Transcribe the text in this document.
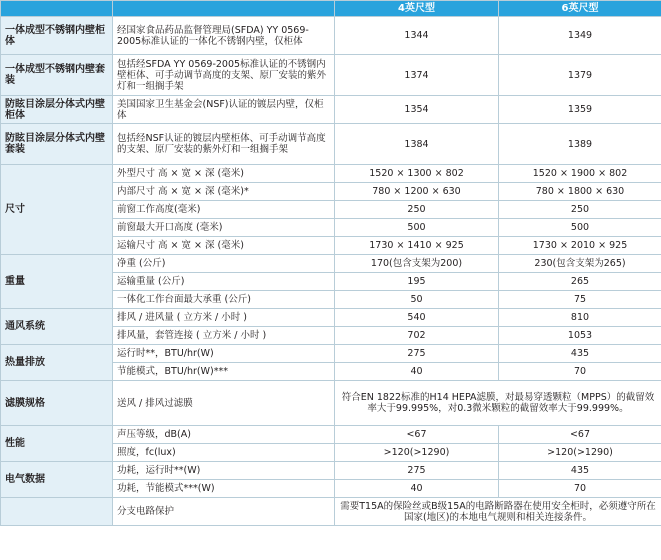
		4英尺型	6英尺型
一体成型不锈钢内壁柜体	经国家食品药品监督管理局(SFDA) YY 0569-2005标准认证的一体化不锈钢内壁，仅柜体	1344	1349
一体成型不锈钢内壁套装	包括经SFDA YY 0569-2005标准认证的不锈钢内壁柜体、可手动调节高度的支架、原厂安装的紫外灯和一组搁手架	1374	1379
防眩目涂层分体式内壁柜体	美国国家卫生基金会(NSF)认证的镀层内壁，仅柜体	1354	1359
防眩目涂层分体式内壁套装	包括经NSF认证的镀层内壁柜体、可手动调节高度的支架、原厂安装的紫外灯和一组搁手架	1384	1389
尺寸	外型尺寸 高 × 宽 × 深 (毫米)	1520 × 1300 × 802	1520 × 1900 × 802
	内部尺寸 高 × 宽 × 深 (毫米)*	780 × 1200 × 630	780 × 1800 × 630
	前窗工作高度(毫米)	250	250
	前窗最大开口高度 (毫米)	500	500
	运输尺寸 高 × 宽 × 深 (毫米)	1730 × 1410 × 925	1730 × 2010 × 925
重量	净重 (公斤)	170(包含支架为200)	230(包含支架为265)
	运输重量 (公斤)	195	265
	一体化工作台面最大承重 (公斤)	50	75
通风系统	排风 / 进风量 ( 立方米 / 小时 )	540	810
	排风量，套管连接 ( 立方米 / 小时 )	702	1053
热量排放	运行时**，BTU/hr(W)	275	435
	节能模式，BTU/hr(W)***	40	70
滤膜规格	送风 / 排风过滤膜	符合EN 1822标准的H14 HEPA滤膜，对最易穿透颗粒（MPPS）的截留效率大于99.995%，对0.3微米颗粒的截留效率大于99.999%。	
性能	声压等级，dB(A)	<67	<67
	照度，fc(lux)	>120(>1290)	>120(>1290)
电气数据	功耗，运行时**(W)	275	435
	功耗，节能模式***(W)	40	70
	分支电路保护	需要T15A的保险丝或B级15A的电路断路器在使用安全柜时，必须遵守所在国家(地区)的本地电气规则和相关连接条件。	
